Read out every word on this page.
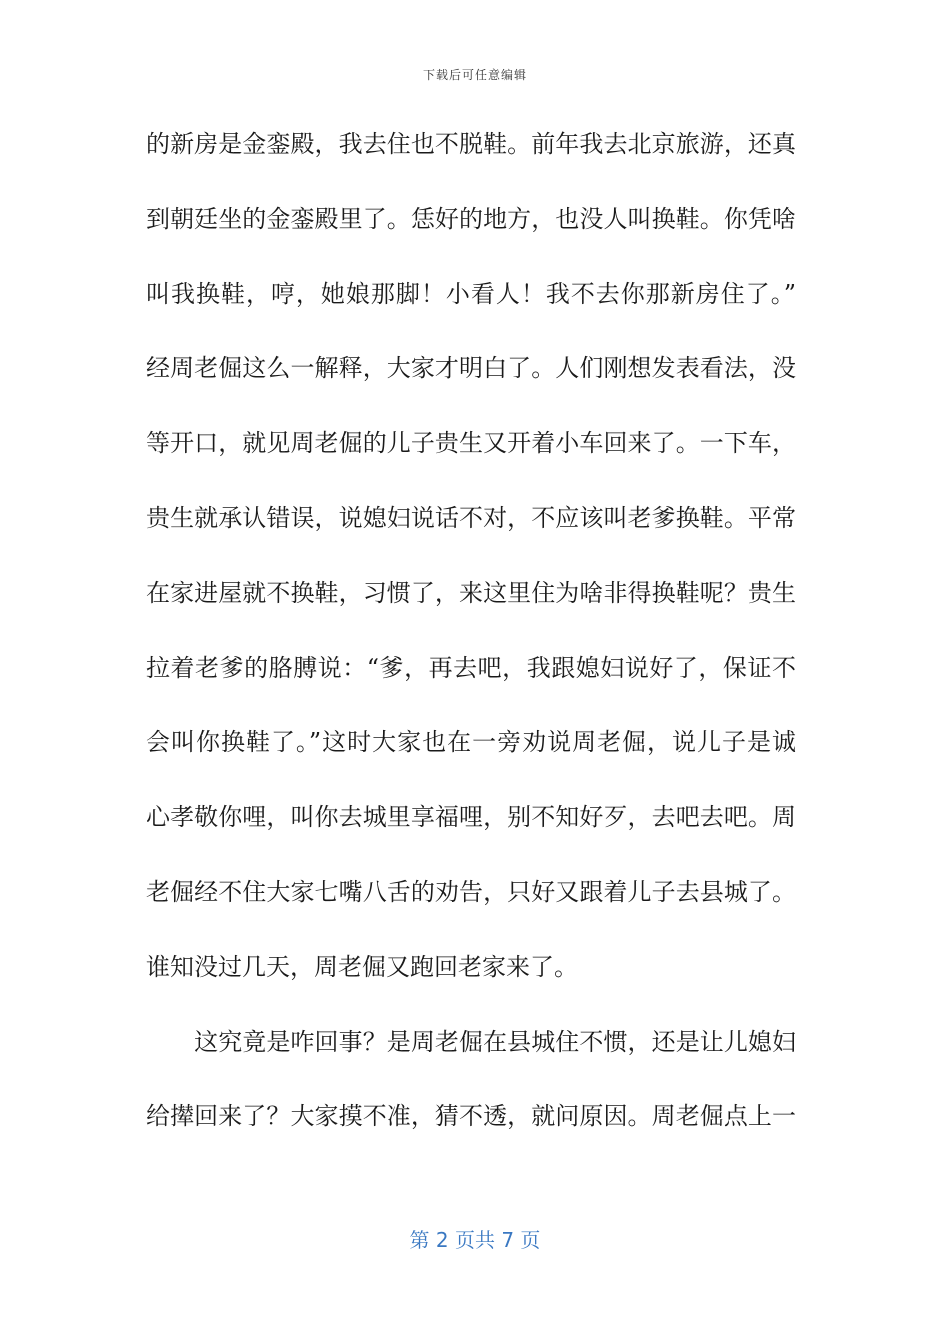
下载后可任意编辑
的新房是金銮殿，我去住也不脱鞋。前年我去北京旅游，还真
到朝廷坐的金銮殿里了。恁好的地方，也没人叫换鞋。你凭啥
叫我换鞋，哼，她娘那脚！小看人！我不去你那新房住了。”
经周老倔这么一解释，大家才明白了。人们刚想发表看法，没
等开口，就见周老倔的儿子贵生又开着小车回来了。一下车，
贵生就承认错误，说媳妇说话不对，不应该叫老爹换鞋。平常
在家进屋就不换鞋，习惯了，来这里住为啥非得换鞋呢？贵生
拉着老爹的胳膊说：“爹，再去吧，我跟媳妇说好了，保证不
会叫你换鞋了。”这时大家也在一旁劝说周老倔，说儿子是诚
心孝敬你哩，叫你去城里享福哩，别不知好歹，去吧去吧。周
老倔经不住大家七嘴八舌的劝告，只好又跟着儿子去县城了。
谁知没过几天，周老倔又跑回老家来了。
　　这究竟是咋回事？是周老倔在县城住不惯，还是让儿媳妇
给撵回来了？大家摸不准，猜不透，就问原因。周老倔点上一
第 2 页共 7 页
